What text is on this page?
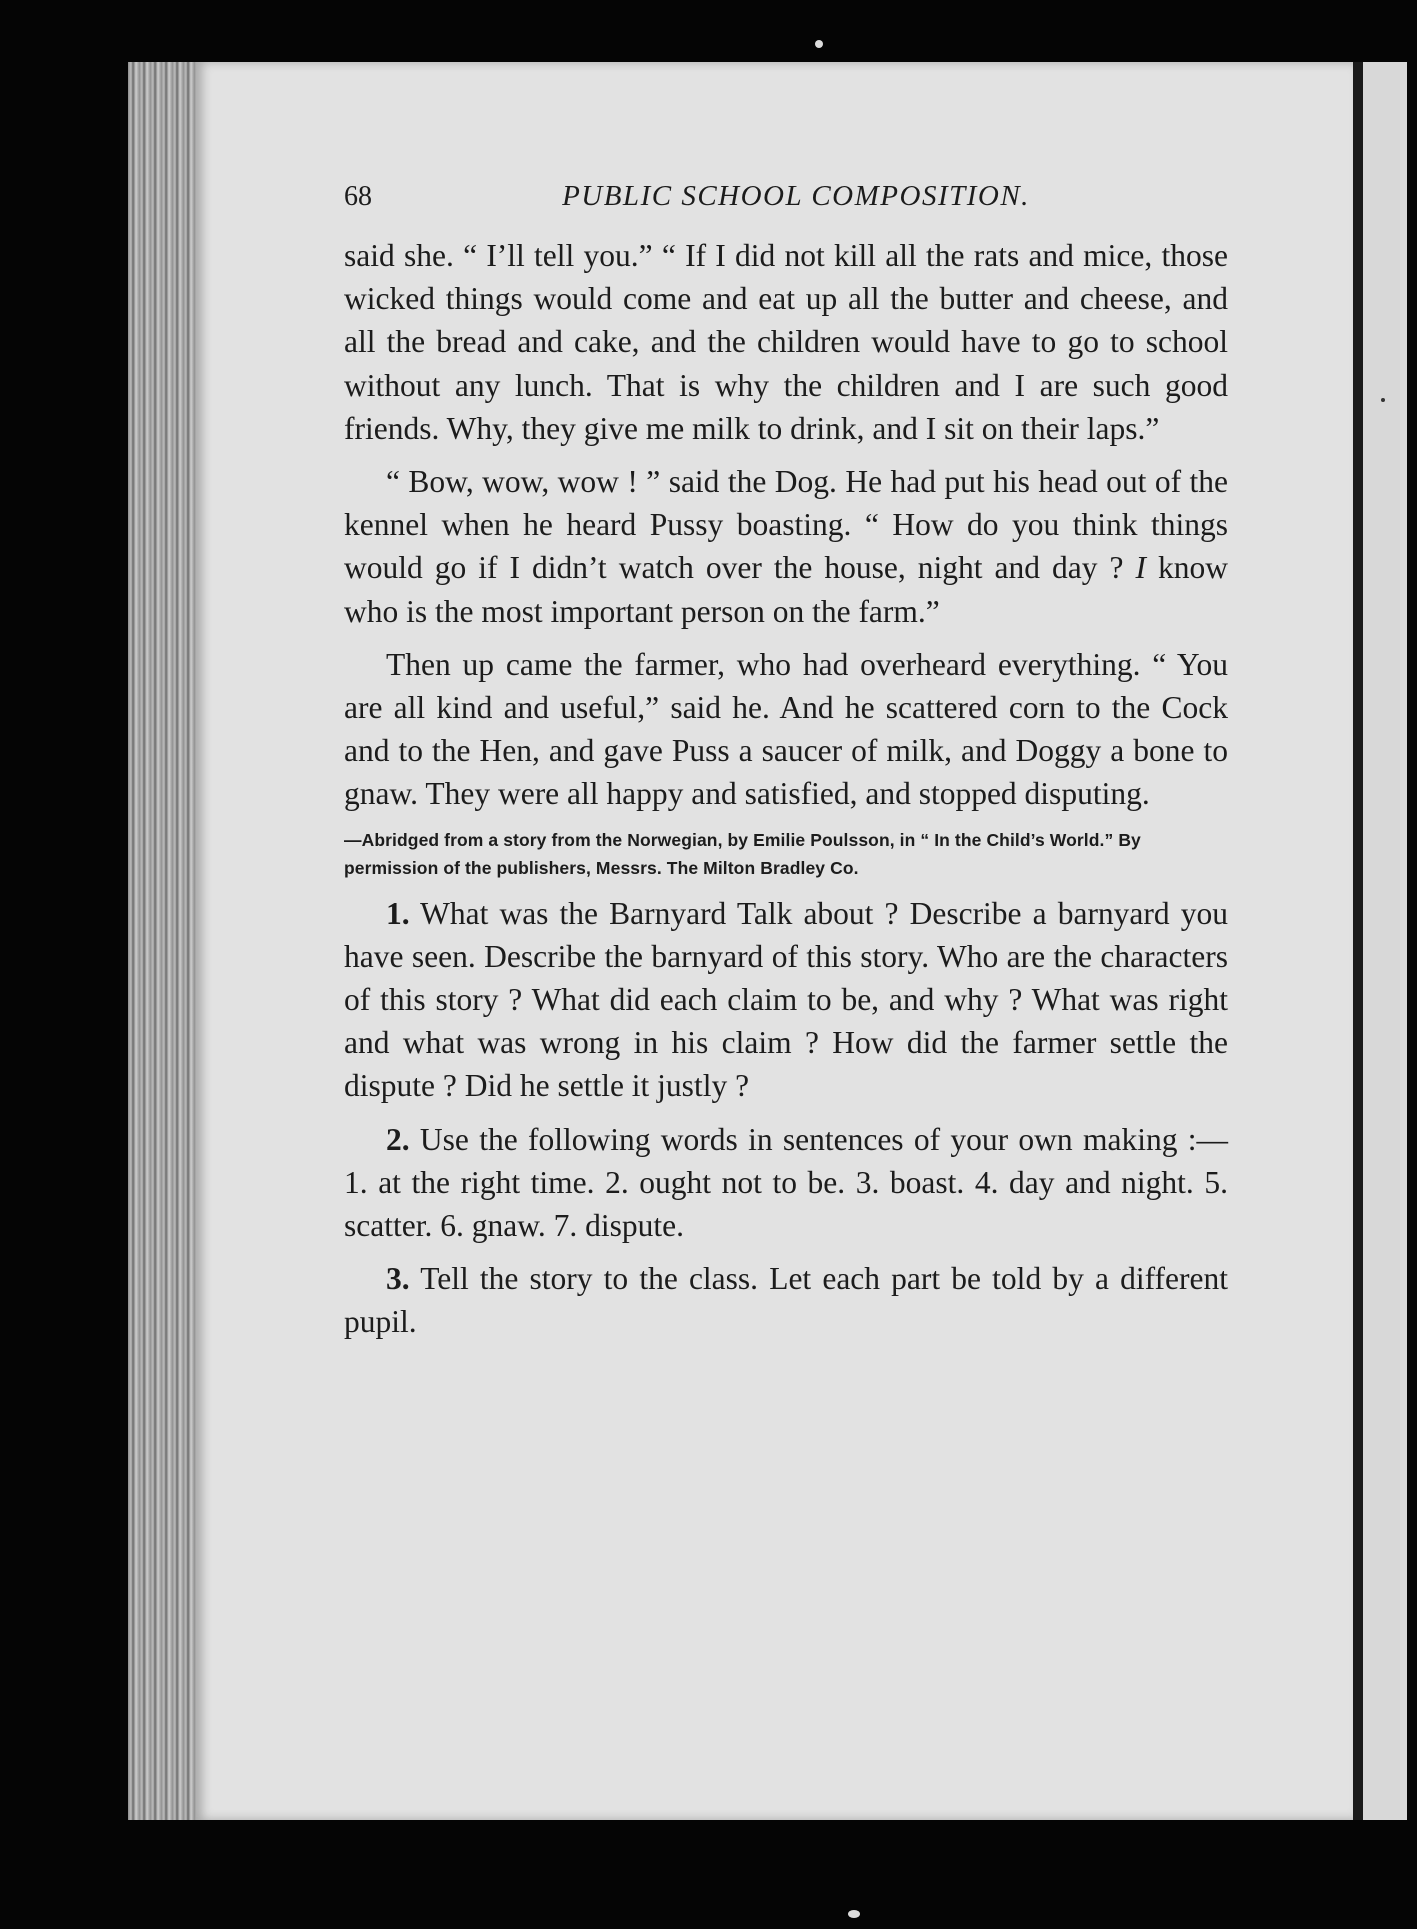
68	PUBLIC SCHOOL COMPOSITION.

said she. “ I’ll tell you.” “ If I did not kill all the rats and mice, those wicked things would come and eat up all the butter and cheese, and all the bread and cake, and the children would have to go to school without any lunch. That is why the children and I are such good friends. Why, they give me milk to drink, and I sit on their laps.”

“ Bow, wow, wow ! ” said the Dog. He had put his head out of the kennel when he heard Pussy boasting. “ How do you think things would go if I didn’t watch over the house, night and day ? I know who is the most important person on the farm.”

Then up came the farmer, who had overheard everything. “ You are all kind and useful,” said he. And he scattered corn to the Cock and to the Hen, and gave Puss a saucer of milk, and Doggy a bone to gnaw. They were all happy and satisfied, and stopped disputing.

—Abridged from a story from the Norwegian, by Emilie Poulsson, in “ In the Child’s World.” By permission of the publishers, Messrs. The Milton Bradley Co.

1. What was the Barnyard Talk about ? Describe a barnyard you have seen. Describe the barnyard of this story. Who are the characters of this story ? What did each claim to be, and why ? What was right and what was wrong in his claim ? How did the farmer settle the dispute ? Did he settle it justly ?

2. Use the following words in sentences of your own making :— 1. at the right time. 2. ought not to be. 3. boast. 4. day and night. 5. scatter. 6. gnaw. 7. dispute.

3. Tell the story to the class. Let each part be told by a different pupil.
